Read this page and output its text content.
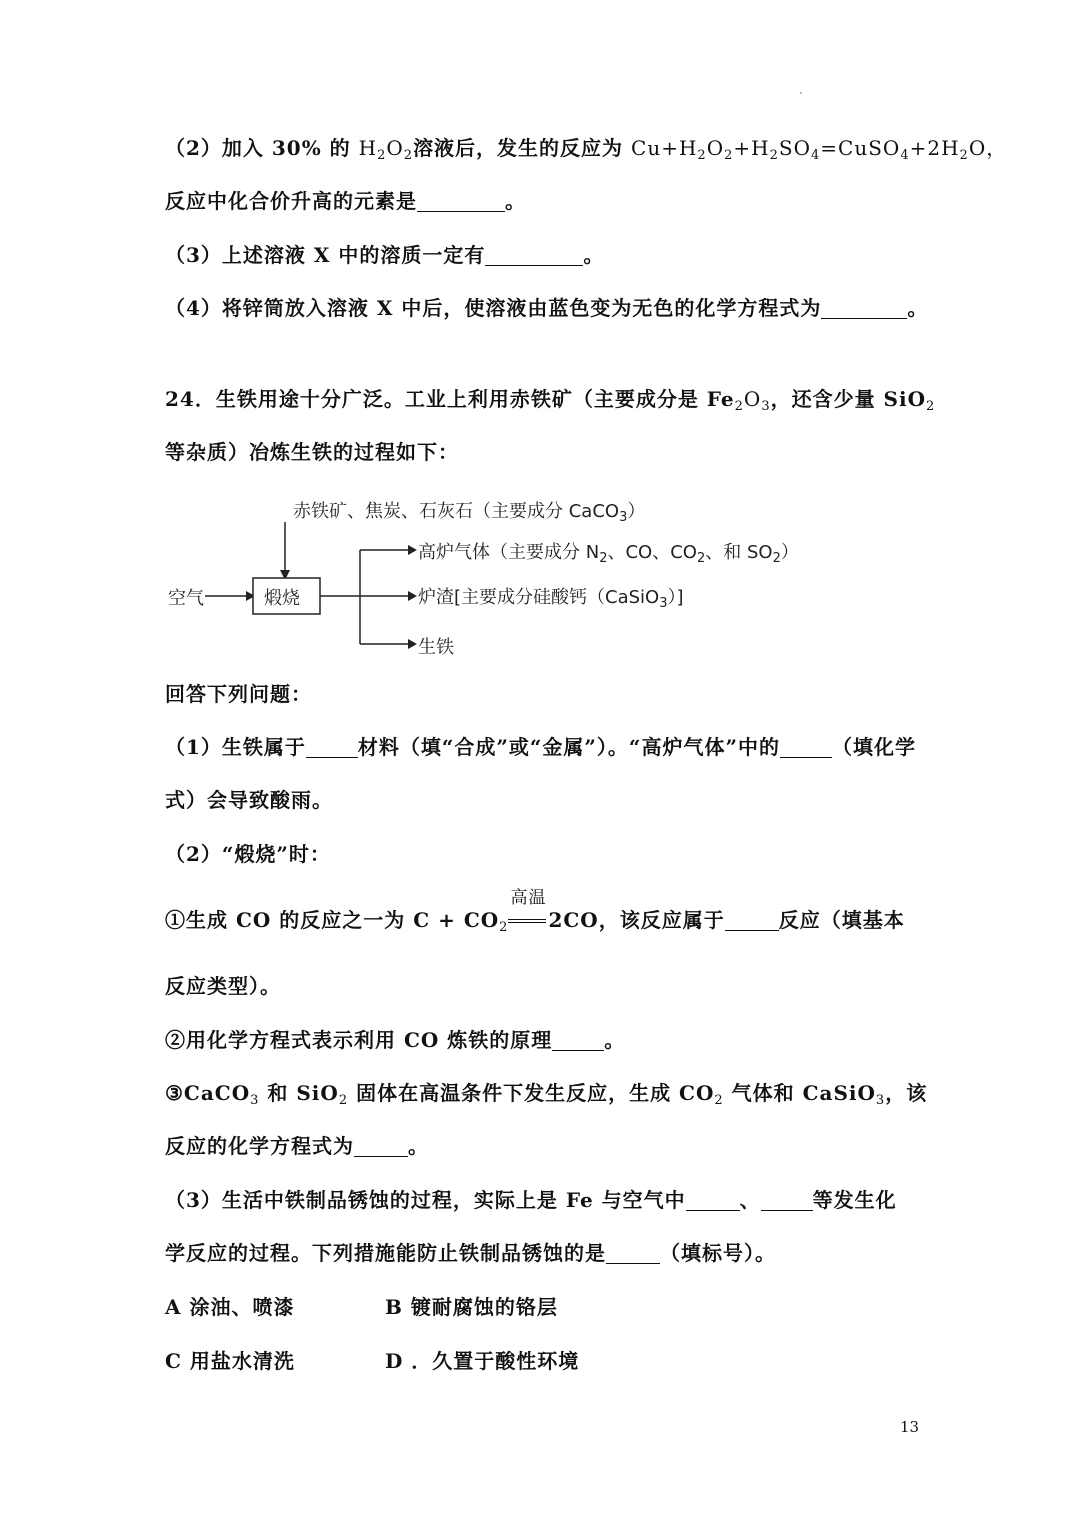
（2）加入 30% 的 $H_2O_2$溶液后，发生的反应为 $Cu+H_2O_2+H_2SO_4=CuSO_4+2H_2O$，
反应中化合价升高的元素是	。
（3）上述溶液 X 中的溶质一定有	。
（4）将锌筒放入溶液 X 中后，使溶液由蓝色变为无色的化学方程式为	。
24．生铁用途十分广泛。工业上利用赤铁矿（主要成分是 $Fe_2O_3$，还含少量 SiO$_2$
等杂质）冶炼生铁的过程如下：
赤铁矿、焦炭、石灰石（主要成分 CaCO$_3$）
空气	煅烧
高炉气体（主要成分 $N_2$、CO、$CO_2$、和 $SO_2$）
炉渣[主要成分硅酸钙（CaSiO$_3$）]
生铁
回答下列问题：
（1）生铁属于	材料（填“合成”或“金属”）。“高炉气体”中的	（填化学
式）会导致酸雨。
（2）“煅烧”时：
①生成 CO 的反应之一为 $C + CO_2$
高温
2CO，该反应属于	反应（填基本
反应类型）。
②用化学方程式表示利用 CO 炼铁的原理	。
③CaCO$_3$ 和 SiO$_2$ 固体在高温条件下发生反应，生成 $CO_2$ 气体和 CaSiO$_3$，该
反应的化学方程式为	。
（3）生活中铁制品锈蚀的过程，实际上是 Fe 与空气中	、	等发生化
学反应的过程。下列措施能防止铁制品锈蚀的是	（填标号）。
A 涂油、喷漆	B 镀耐腐蚀的铬层
C 用盐水清洗	D ．久置于酸性环境
13
